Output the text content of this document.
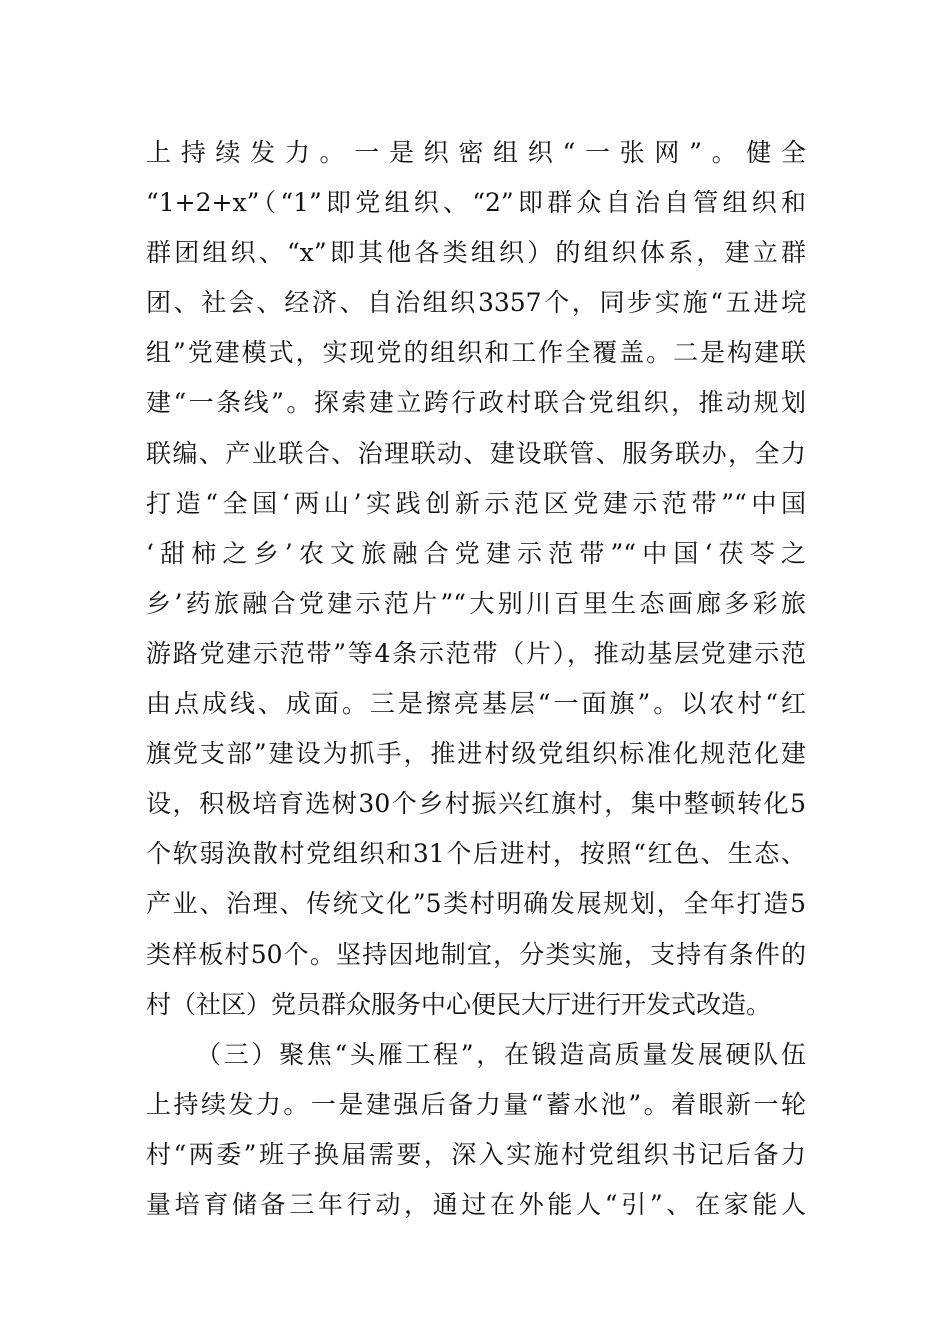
上持续发力。一是织密组织“一张网”。健全
“1+2+x”（“1”即党组织、“2”即群众自治自管组织和
群团组织、“x”即其他各类组织）的组织体系，建立群
团、社会、经济、自治组织3357个，同步实施“五进垸
组”党建模式，实现党的组织和工作全覆盖。二是构建联
建“一条线”。探索建立跨行政村联合党组织，推动规划
联编、产业联合、治理联动、建设联管、服务联办，全力
打造“全国‘两山’实践创新示范区党建示范带”“中国
‘甜柿之乡’农文旅融合党建示范带”“中国‘茯苓之
乡’药旅融合党建示范片”“大别川百里生态画廊多彩旅
游路党建示范带”等4条示范带（片），推动基层党建示范
由点成线、成面。三是擦亮基层“一面旗”。以农村“红
旗党支部”建设为抓手，推进村级党组织标准化规范化建
设，积极培育选树30个乡村振兴红旗村，集中整顿转化5
个软弱涣散村党组织和31个后进村，按照“红色、生态、
产业、治理、传统文化”5类村明确发展规划，全年打造5
类样板村50个。坚持因地制宜，分类实施，支持有条件的
村（社区）党员群众服务中心便民大厅进行开发式改造。
（三）聚焦“头雁工程”，在锻造高质量发展硬队伍
上持续发力。一是建强后备力量“蓄水池”。着眼新一轮
村“两委”班子换届需要，深入实施村党组织书记后备力
量培育储备三年行动，通过在外能人“引”、在家能人
